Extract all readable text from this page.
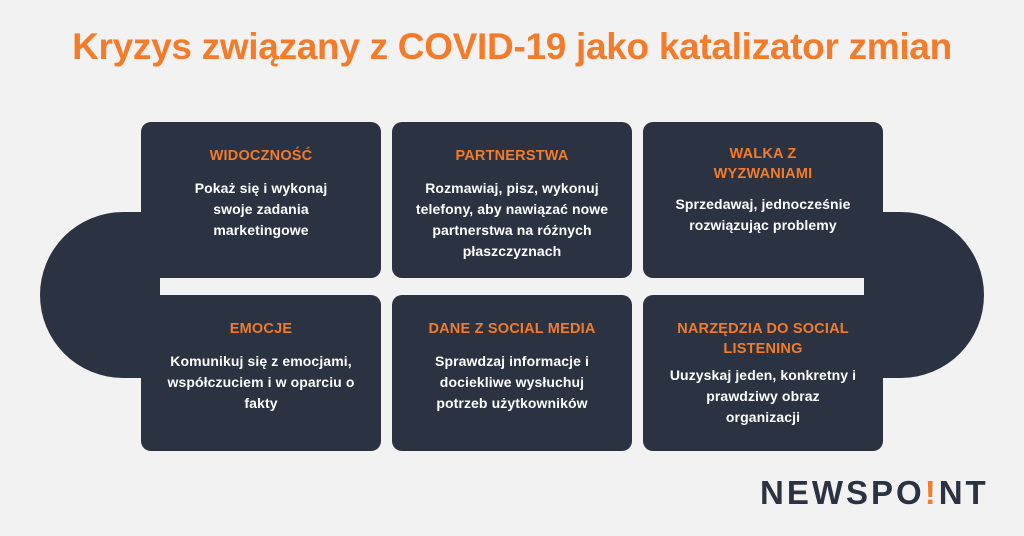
Kryzys związany z COVID-19 jako katalizator zmian
WIDOCZNOŚĆ
Pokaż się i wykonaj swoje zadania marketingowe
PARTNERSTWA
Rozmawiaj, pisz, wykonuj telefony, aby nawiązać nowe partnerstwa na różnych płaszczyznach
WALKA Z WYZWANIAMI
Sprzedawaj, jednocześnie rozwiązując problemy
EMOCJE
Komunikuj się z emocjami, współczuciem i w oparciu o fakty
DANE Z SOCIAL MEDIA
Sprawdzaj informacje i dociekliwe wysłuchuj potrzeb użytkowników
NARZĘDZIA DO SOCIAL LISTENING
Uuzyskaj jeden, konkretny i prawdziwy obraz organizacji
NEWSPO!NT
